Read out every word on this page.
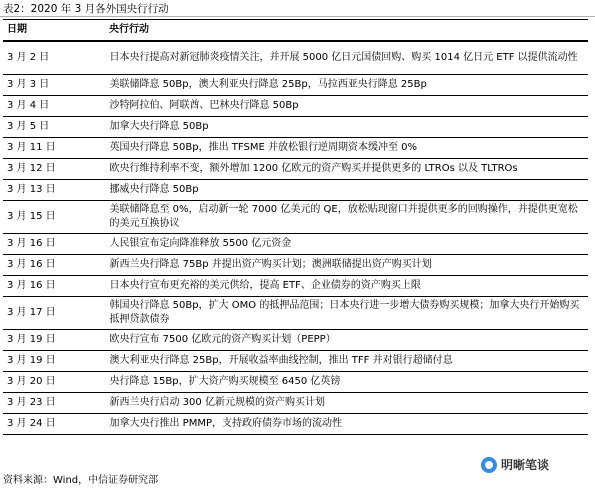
表2：2020 年 3 月各外国央行行动
日期	央行行动
3 月 2 日	日本央行提高对新冠肺炎疫情关注，并开展 5000 亿日元国债回购、购买 1014 亿日元 ETF 以提供流动性
3 月 3 日	美联储降息 50Bp，澳大利亚央行降息 25Bp，马拉西亚央行降息 25Bp
3 月 4 日	沙特阿拉伯、阿联酋、巴林央行降息 50Bp
3 月 5 日	加拿大央行降息 50Bp
3 月 11 日	英国央行降息 50Bp，推出 TFSME 并放松银行逆周期资本缓冲至 0%
3 月 12 日	欧央行维持利率不变，额外增加 1200 亿欧元的资产购买并提供更多的 LTROs 以及 TLTROs
3 月 13 日	挪威央行降息 50Bp
3 月 15 日	美联储降息至 0%，启动新一轮 7000 亿美元的 QE，放松贴现窗口并提供更多的回购操作，并提供更宽松的美元互换协议
3 月 16 日	人民银宣布定向降准释放 5500 亿元资金
3 月 16 日	新西兰央行降息 75Bp 并提出资产购买计划；澳洲联储提出资产购买计划
3 月 16 日	日本央行宣布更充裕的美元供给，提高 ETF、企业债券的资产购买上限
3 月 17 日	韩国央行降息 50Bp，扩大 OMO 的抵押品范围；日本央行进一步增大债券购买规模；加拿大央行开始购买抵押贷款债券
3 月 19 日	欧央行宣布 7500 亿欧元的资产购买计划（PEPP）
3 月 19 日	澳大利亚央行降息 25Bp，开展收益率曲线控制，推出 TFF 并对银行超储付息
3 月 20 日	央行降息 15Bp，扩大资产购买规模至 6450 亿英镑
3 月 23 日	新西兰央行启动 300 亿新元规模的资产购买计划
3 月 24 日	加拿大央行推出 PMMP，支持政府债券市场的流动性
明晰笔谈
资料来源：Wind，中信证券研究部
